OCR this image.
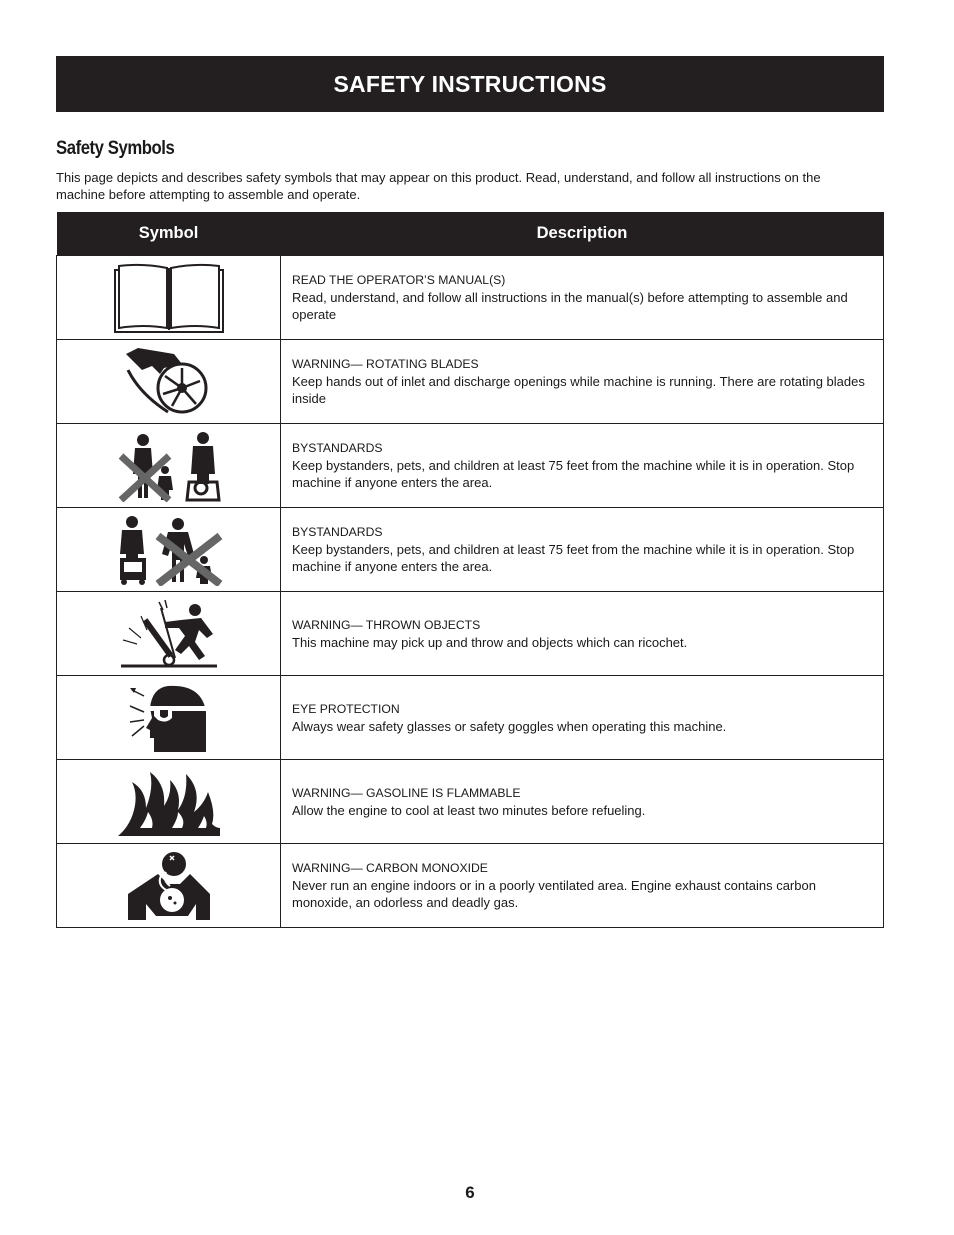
SAFETY INSTRUCTIONS
Safety Symbols
This page depicts and describes safety symbols that may appear on this product. Read, understand, and follow all instructions on the machine before attempting to assemble and operate.
Symbol	Description

READ THE OPERATOR’S MANUAL(S)
Read, understand, and follow all instructions in the manual(s) before attempting to assemble and operate

WARNING— ROTATING BLADES
Keep hands out of inlet and discharge openings while machine is running. There are rotating blades inside

BYSTANDARDS
Keep bystanders, pets, and children at least 75 feet from the machine while it is in operation. Stop machine if anyone enters the area.

BYSTANDARDS
Keep bystanders, pets, and children at least 75 feet from the machine while it is in operation. Stop machine if anyone enters the area.

WARNING— THROWN OBJECTS
This machine may pick up and throw and objects which can ricochet.

EYE PROTECTION
Always wear safety glasses or safety goggles when operating this machine.

WARNING— GASOLINE IS FLAMMABLE
Allow the engine to cool at least two minutes before refueling.

WARNING— CARBON MONOXIDE
Never run an engine indoors or in a poorly ventilated area. Engine exhaust contains carbon monoxide, an odorless and deadly gas.
6
